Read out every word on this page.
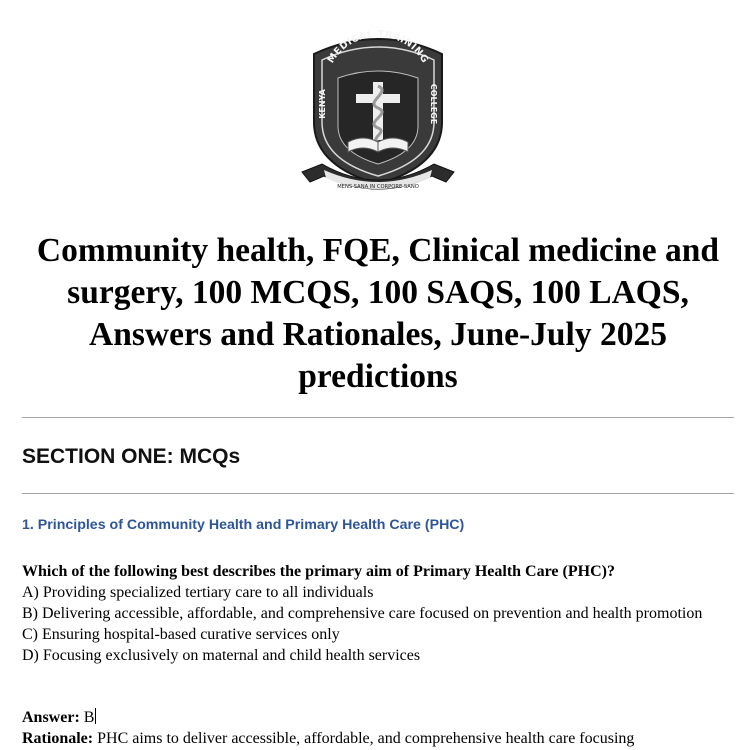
MEDICAL TRAINING
KENYA
COLLEGE
MENS SANA IN CORPORE SANO
Community health, FQE, Clinical medicine and surgery, 100 MCQS, 100 SAQS, 100 LAQS, Answers and Rationales, June-July 2025 predictions
SECTION ONE: MCQs
1. Principles of Community Health and Primary Health Care (PHC)

Which of the following best describes the primary aim of Primary Health Care (PHC)?

A) Providing specialized tertiary care to all individuals

B) Delivering accessible, affordable, and comprehensive care focused on prevention and health promotion

C) Ensuring hospital-based curative services only

D) Focusing exclusively on maternal and child health services

Answer: B

Rationale: PHC aims to deliver accessible, affordable, and comprehensive health care focusing
